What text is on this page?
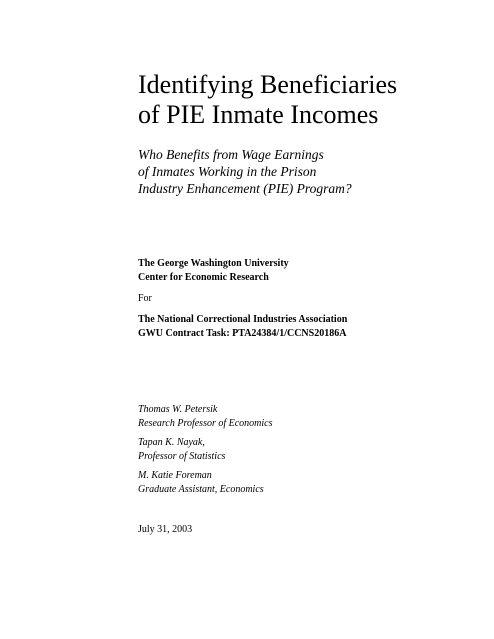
Identifying Beneficiaries
of PIE Inmate Incomes
Who Benefits from Wage Earnings
of Inmates Working in the Prison
Industry Enhancement (PIE) Program?
The George Washington University
Center for Economic Research
For
The National Correctional Industries Association
GWU Contract Task: PTA24384/1/CCNS20186A
Thomas W. Petersik
Research Professor of Economics
Tapan K. Nayak,
Professor of Statistics
M. Katie Foreman
Graduate Assistant, Economics
July 31, 2003
